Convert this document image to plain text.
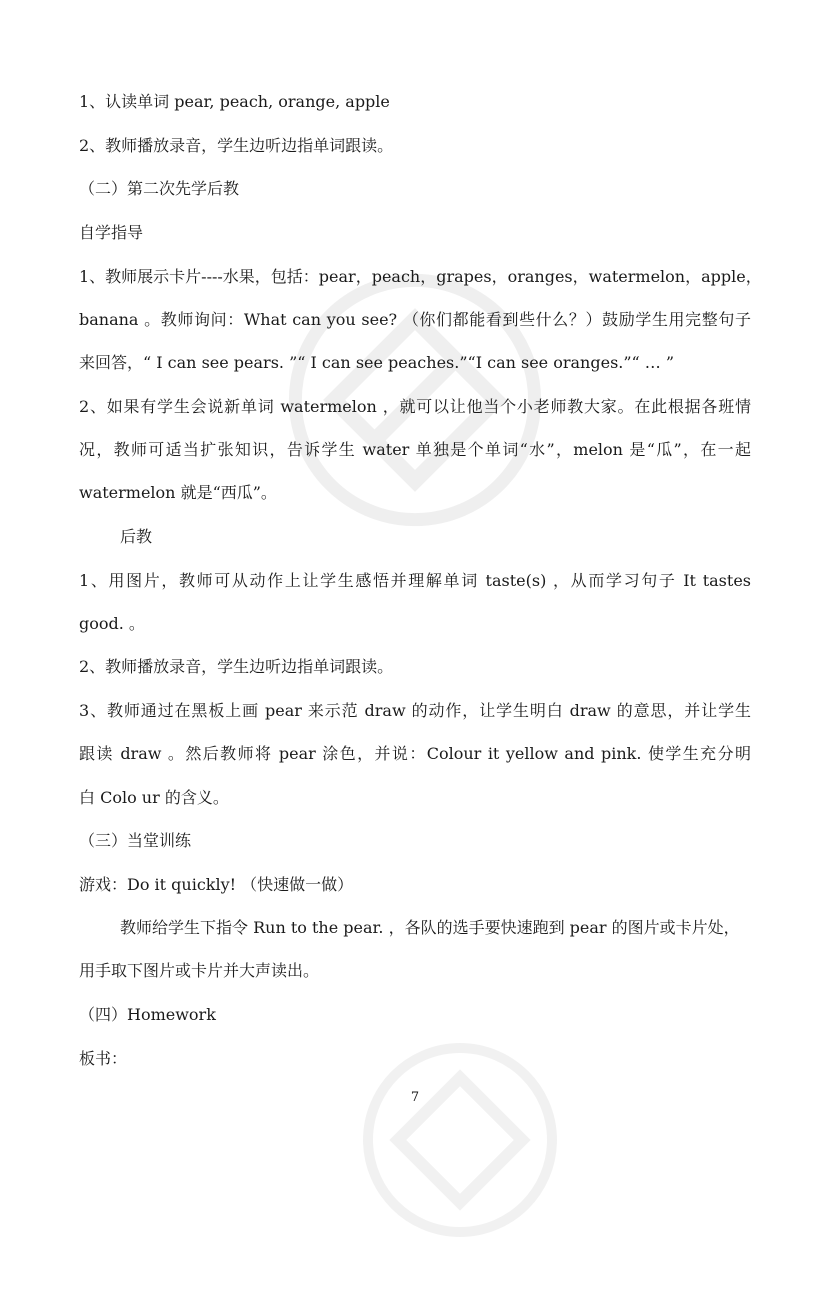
1、认读单词 pear, peach, orange, apple

2、教师播放录音，学生边听边指单词跟读。

（二）第二次先学后教

自学指导

1、教师展示卡片----水果，包括：pear，peach，grapes，oranges，watermelon，apple，

banana 。教师询问：What can you see? （你们都能看到些什么？）鼓励学生用完整句子

来回答，“ I can see pears. ”“ I can see peaches.”“I can see oranges.”“ … ”

2、如果有学生会说新单词 watermelon ，就可以让他当个小老师教大家。在此根据各班情

况，教师可适当扩张知识，告诉学生 water 单独是个单词“水”，melon 是“瓜”，在一起

watermelon 就是“西瓜”。

后教

1、用图片，教师可从动作上让学生感悟并理解单词 taste(s) ，从而学习句子 It tastes

good. 。

2、教师播放录音，学生边听边指单词跟读。

3、教师通过在黑板上画 pear 来示范 draw 的动作，让学生明白 draw 的意思，并让学生

跟读 draw 。然后教师将 pear 涂色，并说：Colour it yellow and pink. 使学生充分明

白 Colo ur 的含义。

（三）当堂训练

游戏：Do it quickly! （快速做一做）

教师给学生下指令 Run to the pear. ，各队的选手要快速跑到 pear 的图片或卡片处，

用手取下图片或卡片并大声读出。

（四）Homework

板书：

7
